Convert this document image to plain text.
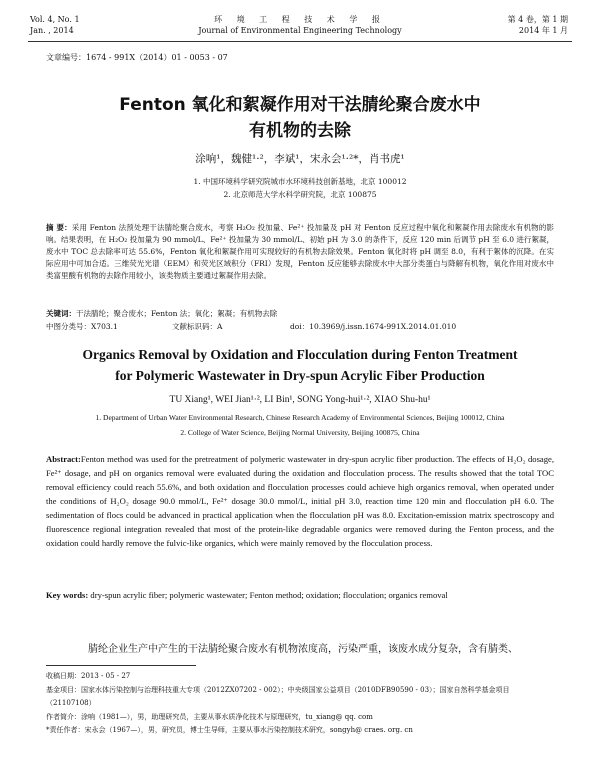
Vol. 4, No. 1
Jan. , 2014
环 境 工 程 技 术 学 报
Journal of Environmental Engineering Technology
第 4 卷，第 1 期
2014 年 1 月
文章编号：1674 - 991X（2014）01 - 0053 - 07
Fenton 氧化和絮凝作用对干法腈纶聚合废水中
有机物的去除
涂响¹，魏健¹·²，李斌¹，宋永会¹·²*，肖书虎¹
1. 中国环境科学研究院城市水环境科技创新基地，北京 100012
2. 北京师范大学水科学研究院，北京 100875
摘 要：采用 Fenton 法预处理干法腈纶聚合废水，考察 H₂O₂ 投加量、Fe²⁺ 投加量及 pH 对 Fenton 反应过程中氧化和絮凝作用去除废水有机物的影响。结果表明，在 H₂O₂ 投加量为 90 mmol/L、Fe²⁺ 投加量为 30 mmol/L、初始 pH 为 3.0 的条件下，反应 120 min 后调节 pH 至 6.0 进行絮凝，废水中 TOC 总去除率可达 55.6%，Fenton 氧化和絮凝作用可实现较好的有机物去除效果。Fenton 氧化时将 pH 调至 8.0，有利于絮体的沉降。在实际应用中可加合适。三维荧光光谱（EEM）和荧光区域积分（FRI）发现，Fenton 反应能够去除废水中大部分类蛋白与降解有机物，氧化作用对废水中类富里酸有机物的去除作用较小，该类物质主要通过絮凝作用去除。
关键词：干法腈纶；聚合废水；Fenton 法；氧化；絮凝；有机物去除
中图分类号：X703.1	文献标识码：A	doi：10.3969/j.issn.1674-991X.2014.01.010
Organics Removal by Oxidation and Flocculation during Fenton Treatment
for Polymeric Wastewater in Dry-spun Acrylic Fiber Production
TU Xiang¹, WEI Jian¹·², LI Bin¹, SONG Yong-hui¹·², XIAO Shu-hu¹
1. Department of Urban Water Environmental Research, Chinese Research Academy of Environmental Sciences, Beijing 100012, China
2. College of Water Science, Beijing Normal University, Beijing 100875, China
Abstract:Fenton method was used for the pretreatment of polymeric wastewater in dry-spun acrylic fiber production. The effects of H₂O₂ dosage, Fe²⁺ dosage, and pH on organics removal were evaluated during the oxidation and flocculation process. The results showed that the total TOC removal efficiency could reach 55.6%, and both oxidation and flocculation processes could achieve high organics removal, when operated under the conditions of H₂O₂ dosage 90.0 mmol/L, Fe²⁺ dosage 30.0 mmol/L, initial pH 3.0, reaction time 120 min and flocculation pH 6.0. The sedimentation of flocs could be advanced in practical application when the flocculation pH was 8.0. Excitation-emission matrix spectroscopy and fluorescence regional integration revealed that most of the protein-like degradable organics were removed during the Fenton process, and the oxidation could hardly remove the fulvic-like organics, which were mainly removed by the flocculation process.
Key words: dry-spun acrylic fiber; polymeric wastewater; Fenton method; oxidation; flocculation; organics removal
腈纶企业生产中产生的干法腈纶聚合废水有机物浓度高，污染严重，该废水成分复杂，含有腈类、
收稿日期：2013 - 05 - 27
基金项目：国家水体污染控制与治理科技重大专项（2012ZX07202 - 002）；中央级国家公益项目（2010DFB90590 - 03）；国家自然科学基金项目（21107108）
作者简介：涂响（1981—），男，助理研究员，主要从事水质净化技术与原理研究，tu_xiang@ qq. com
*责任作者：宋永会（1967—），男，研究员，博士生导师，主要从事水污染控制技术研究，songyh@ craes. org. cn
